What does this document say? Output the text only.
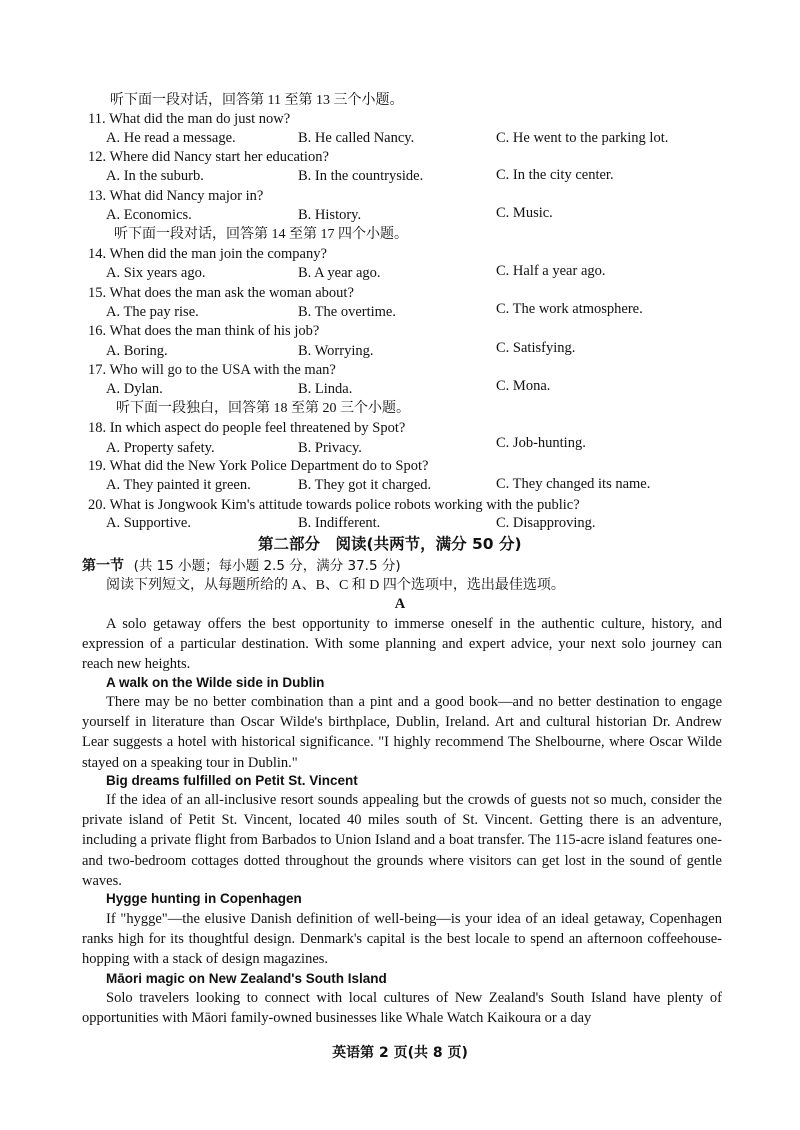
听下面一段对话，回答第 11 至第 13 三个小题。
11. What did the man do just now?
A. He read a message.	B. He called Nancy.	C. He went to the parking lot.
12. Where did Nancy start her education?
A. In the suburb.	B. In the countryside.	C. In the city center.
13. What did Nancy major in?
A. Economics.	B. History.	C. Music.
听下面一段对话，回答第 14 至第 17 四个小题。
14. When did the man join the company?
A. Six years ago.	B. A year ago.	C. Half a year ago.
15. What does the man ask the woman about?
A. The pay rise.	B. The overtime.	C. The work atmosphere.
16. What does the man think of his job?
A. Boring.	B. Worrying.	C. Satisfying.
17. Who will go to the USA with the man?
A. Dylan.	B. Linda.	C. Mona.
听下面一段独白，回答第 18 至第 20 三个小题。
18. In which aspect do people feel threatened by Spot?
A. Property safety.	B. Privacy.	C. Job-hunting.
19. What did the New York Police Department do to Spot?
A. They painted it green.	B. They got it charged.	C. They changed its name.
20. What is Jongwook Kim's attitude towards police robots working with the public?
A. Supportive.	B. Indifferent.	C. Disapproving.
第二部分　阅读(共两节，满分 50 分)
第一节 (共 15 小题；每小题 2.5 分，满分 37.5 分)
阅读下列短文，从每题所给的 A、B、C 和 D 四个选项中，选出最佳选项。
A
A solo getaway offers the best opportunity to immerse oneself in the authentic culture, history, and expression of a particular destination. With some planning and expert advice, your next solo journey can reach new heights.
A walk on the Wilde side in Dublin
There may be no better combination than a pint and a good book—and no better destination to engage yourself in literature than Oscar Wilde's birthplace, Dublin, Ireland. Art and cultural historian Dr. Andrew Lear suggests a hotel with historical significance. "I highly recommend The Shelbourne, where Oscar Wilde stayed on a speaking tour in Dublin."
Big dreams fulfilled on Petit St. Vincent
If the idea of an all-inclusive resort sounds appealing but the crowds of guests not so much, consider the private island of Petit St. Vincent, located 40 miles south of St. Vincent. Getting there is an adventure, including a private flight from Barbados to Union Island and a boat transfer. The 115-acre island features one-and two-bedroom cottages dotted throughout the grounds where visitors can get lost in the sound of gentle waves.
Hygge hunting in Copenhagen
If "hygge"—the elusive Danish definition of well-being—is your idea of an ideal getaway, Copenhagen ranks high for its thoughtful design. Denmark's capital is the best locale to spend an afternoon coffeehouse-hopping with a stack of design magazines.
Māori magic on New Zealand's South Island
Solo travelers looking to connect with local cultures of New Zealand's South Island have plenty of opportunities with Māori family-owned businesses like Whale Watch Kaikoura or a day
英语第 2 页(共 8 页)
